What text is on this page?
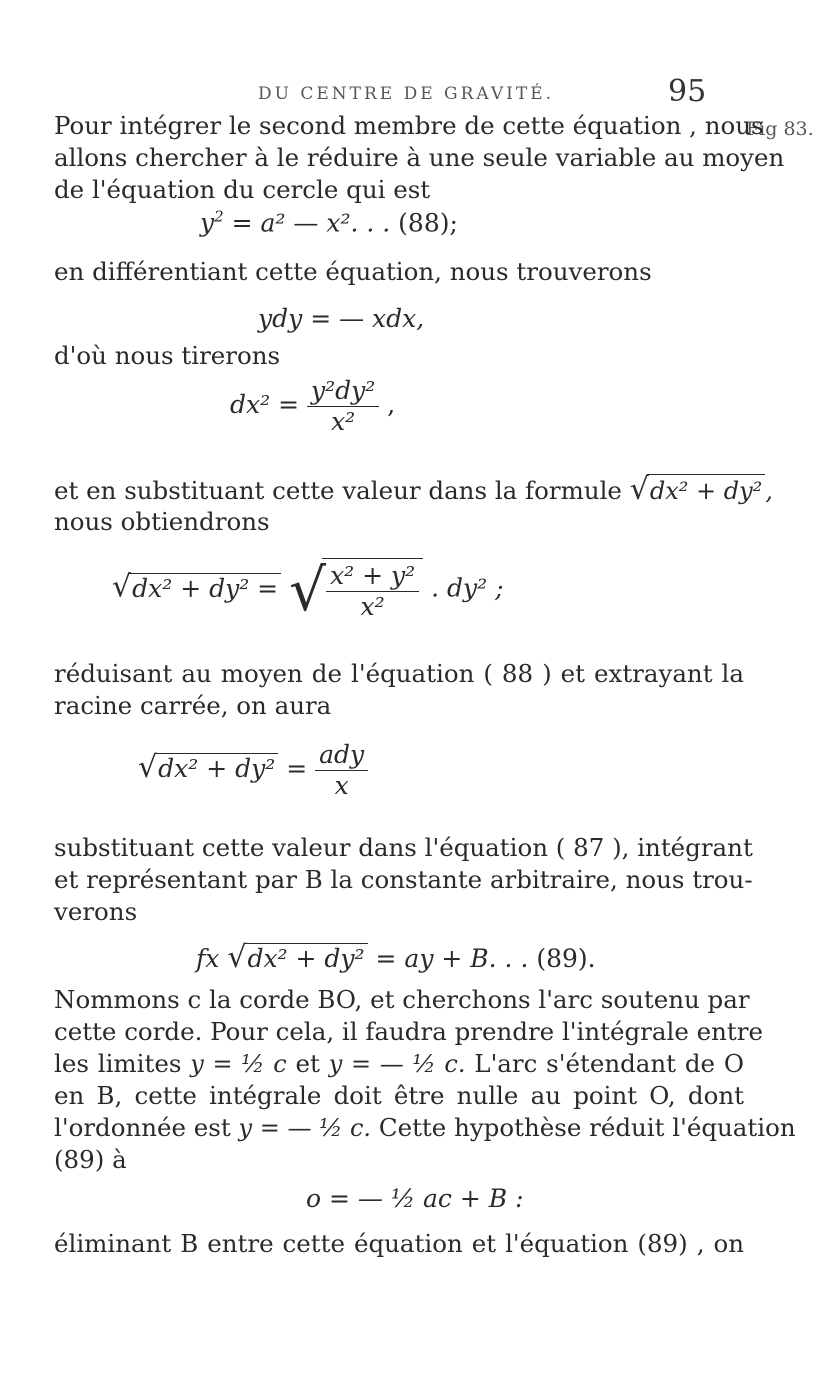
DU CENTRE DE GRAVITÉ.	95
Fig 83.
Pour intégrer le second membre de cette équation , nous
allons chercher à le réduire à une seule variable au moyen
de l'équation du cercle qui est
$y^2 = a^2$ — x². . . (88);
en différentiant cette équation, nous trouverons
ydy = — xdx,
d'où nous tirerons
$dx^2 = \frac{\text{y²dy²}}{\text{x²}}$ ,
et en substituant cette valeur dans la formule √dx² + dy² ,
nous obtiendrons
√dx² + dy² = √ $\frac{\text{x² + y²}}{\text{x²}}$ . dy² ;
réduisant au moyen de l'équation ( 88 ) et extrayant la
racine carrée, on aura
$√dx^2 + dy^2 = \frac{\text{ady}}{x}$
substituant cette valeur dans l'équation ( 87 ), intégrant
et représentant par B la constante arbitraire, nous trou-
verons
fx √dx² + dy² = ay + B. . . (89).
Nommons c la corde BO, et cherchons l'arc soutenu par
cette corde. Pour cela, il faudra prendre l'intégrale entre
les limites y = ½ c et y = — ½ c. L'arc s'étendant de O
en B, cette intégrale doit être nulle au point O, dont
l'ordonnée est y = — ½ c. Cette hypothèse réduit l'équation
(89) à
o = — ½ ac + B :
éliminant B entre cette équation et l'équation (89) , on
